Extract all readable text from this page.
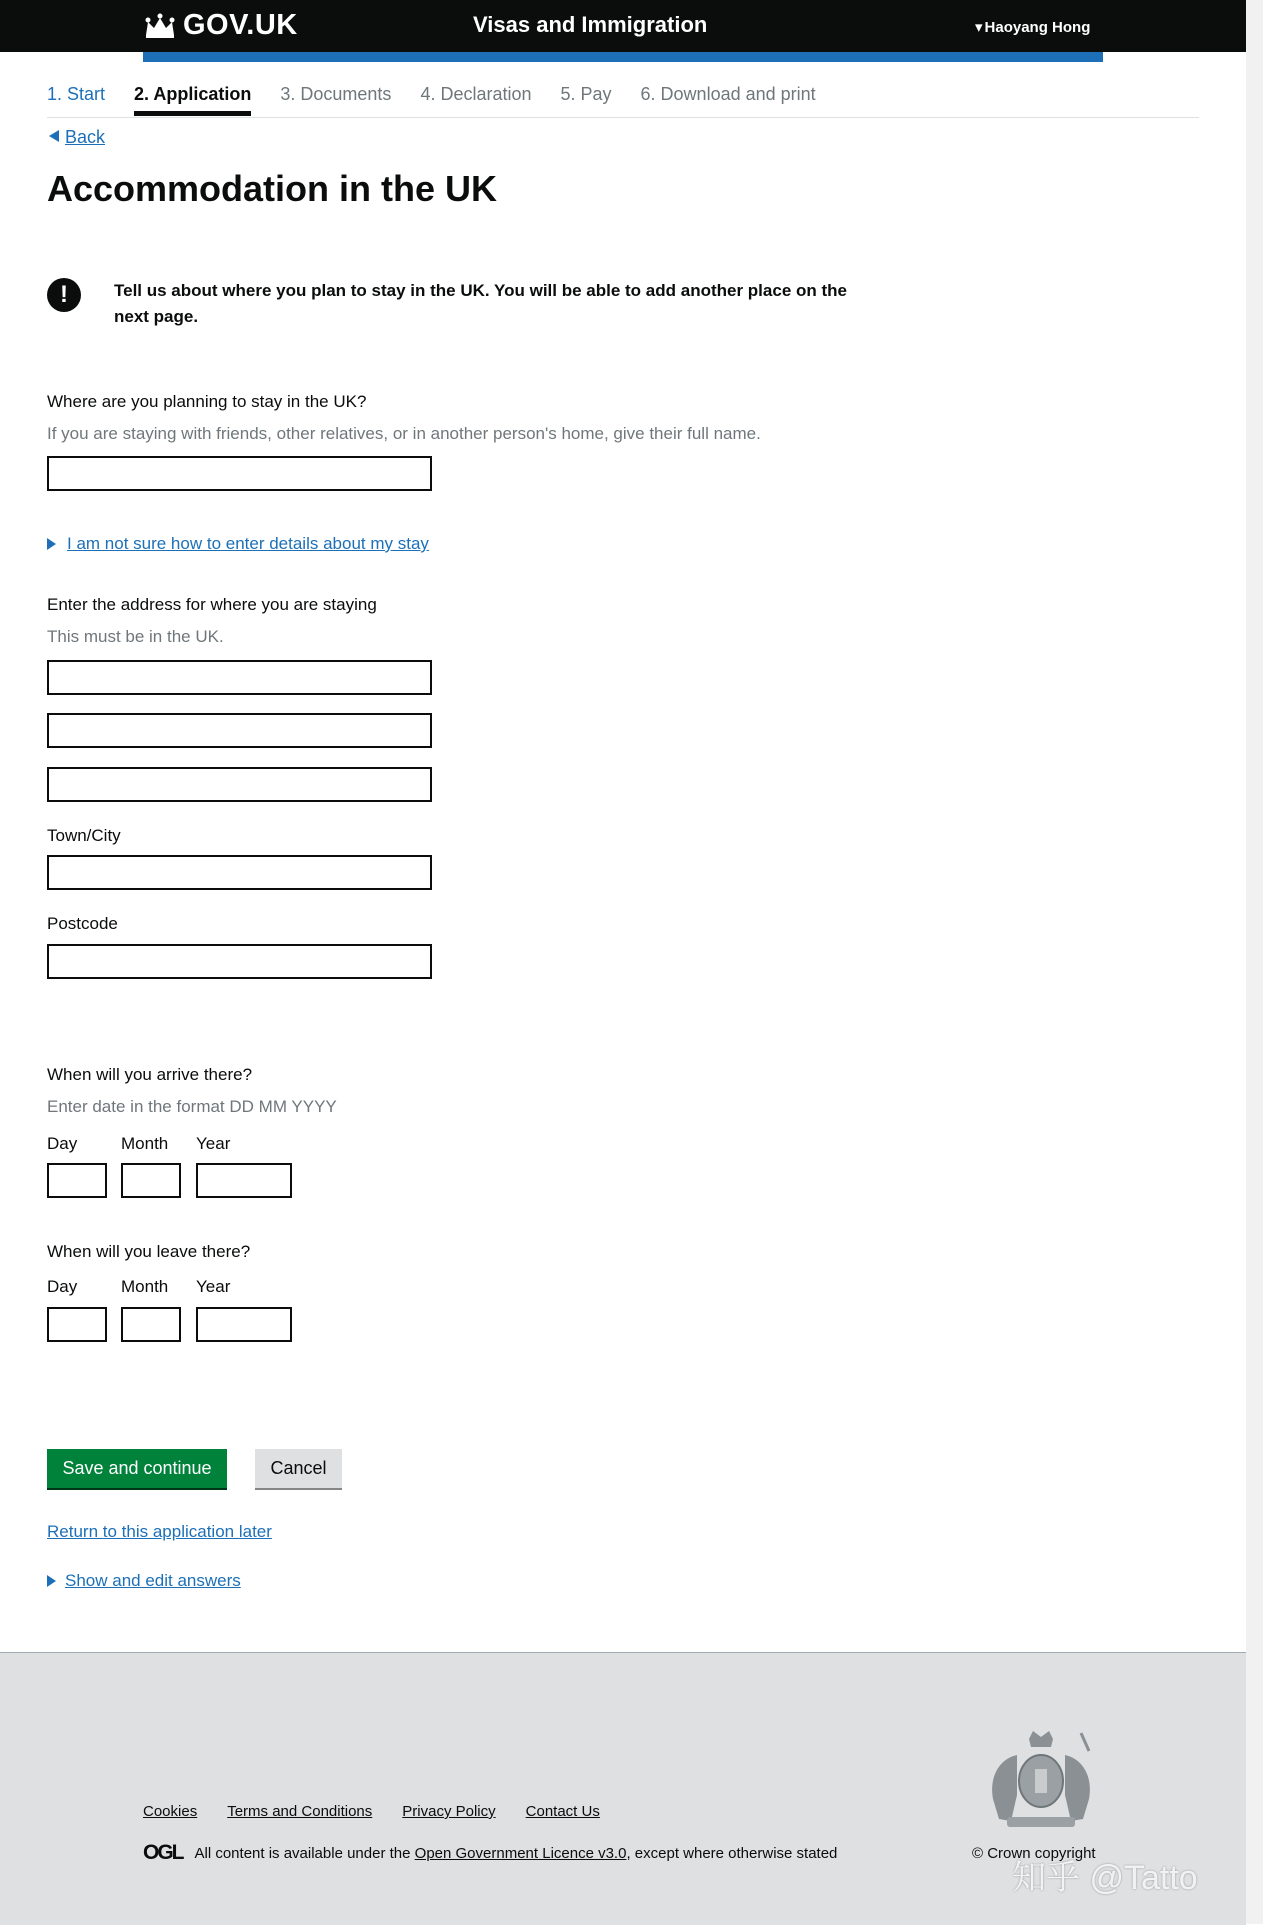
GOV.UK	Visas and Immigration	▾ Haoyang Hong
1. Start 2. Application 3. Documents 4. Declaration 5. Pay 6. Download and print
Back
Accommodation in the UK
!	Tell us about where you plan to stay in the UK. You will be able to add another place on the next page.
Where are you planning to stay in the UK?
If you are staying with friends, other relatives, or in another person's home, give their full name.
I am not sure how to enter details about my stay
Enter the address for where you are staying
This must be in the UK.
Town/City
Postcode
When will you arrive there?
Enter date in the format DD MM YYYY
Day	Month Year
When will you leave there?
Day	Month Year
Save and continue	Cancel
Return to this application later
Show and edit answers
Cookies Terms and Conditions Privacy Policy Contact Us
OGL All content is available under the Open Government Licence v3.0, except where otherwise stated	© Crown copyright
知乎 @Tatto
